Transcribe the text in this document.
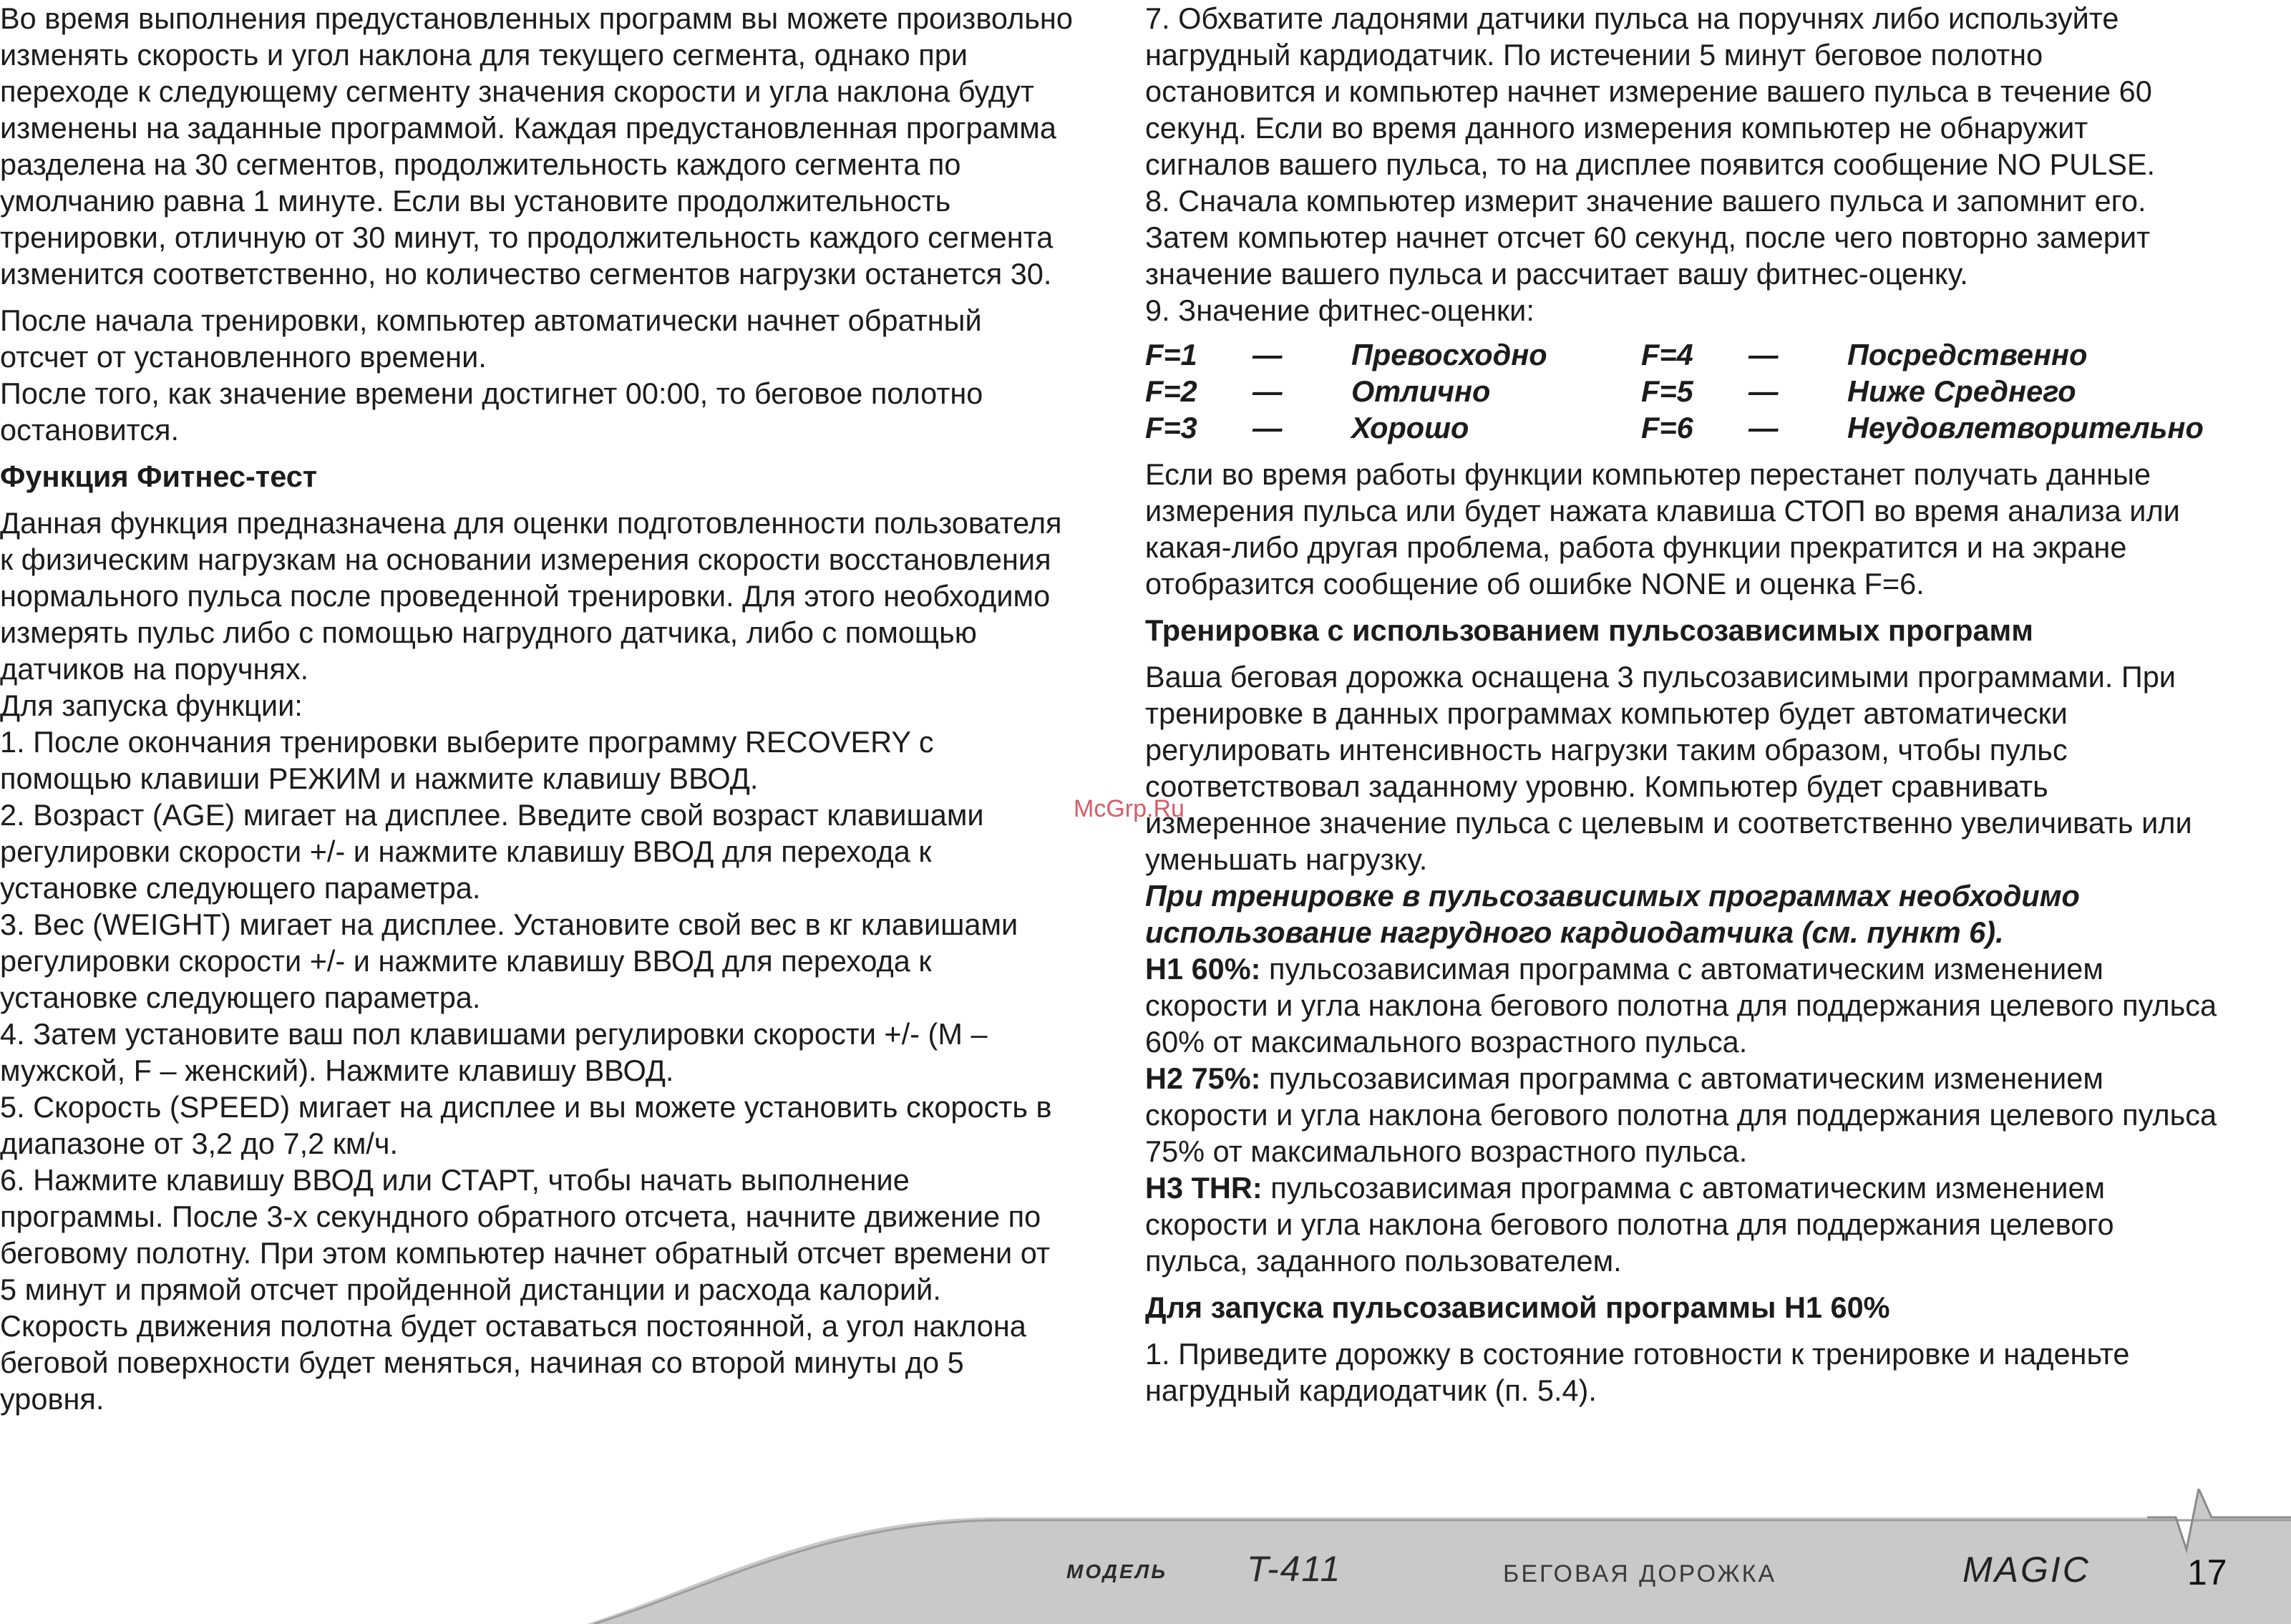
Во время выполнения предустановленных программ вы можете произвольно изменять скорость и угол наклона для текущего сегмента, однако при переходе к следующему сегменту значения скорости и угла наклона будут изменены на заданные программой. Каждая предустановленная программа разделена на 30 сегментов, продолжительность каждого сегмента по умолчанию равна 1 минуте. Если вы установите продолжительность тренировки, отличную от 30 минут, то продолжительность каждого сегмента изменится соответственно, но количество сегментов нагрузки останется 30.

После начала тренировки, компьютер автоматически начнет обратный отсчет от установленного времени.

После того, как значение времени достигнет 00:00, то беговое полотно остановится.

Функция Фитнес-тест

Данная функция предназначена для оценки подготовленности пользователя к физическим нагрузкам на основании измерения скорости восстановления нормального пульса после проведенной тренировки. Для этого необходимо измерять пульс либо с помощью нагрудного датчика, либо с помощью датчиков на поручнях.

Для запуска функции:

1. После окончания тренировки выберите программу RECOVERY с помощью клавиши РЕЖИМ и нажмите клавишу ВВОД.

2. Возраст (AGE) мигает на дисплее. Введите свой возраст клавишами регулировки скорости +/- и нажмите клавишу ВВОД для перехода к установке следующего параметра.

3. Вес (WEIGHT) мигает на дисплее. Установите свой вес в кг клавишами регулировки скорости +/- и нажмите клавишу ВВОД для перехода к установке следующего параметра.

4. Затем установите ваш пол клавишами регулировки скорости +/- (M – мужской, F – женский). Нажмите клавишу ВВОД.

5. Скорость (SPEED) мигает на дисплее и вы можете установить скорость в диапазоне от 3,2 до 7,2 км/ч.

6. Нажмите клавишу ВВОД или СТАРТ, чтобы начать выполнение программы. После 3-х секундного обратного отсчета, начните движение по беговому полотну. При этом компьютер начнет обратный отсчет времени от 5 минут и прямой отсчет пройденной дистанции и расхода калорий. Скорость движения полотна будет оставаться постоянной, а угол наклона беговой поверхности будет меняться, начиная со второй минуты до 5 уровня.

7. Обхватите ладонями датчики пульса на поручнях либо используйте нагрудный кардиодатчик. По истечении 5 минут беговое полотно остановится и компьютер начнет измерение вашего пульса в течение 60 секунд. Если во время данного измерения компьютер не обнаружит сигналов вашего пульса, то на дисплее появится сообщение NO PULSE.

8. Сначала компьютер измерит значение вашего пульса и запомнит его. Затем компьютер начнет отсчет 60 секунд, после чего повторно замерит значение вашего пульса и рассчитает вашу фитнес-оценку.

9. Значение фитнес-оценки:

F=1	—	Превосходно	F=4	—	Посредственно
F=2	—	Отлично	F=5	—	Ниже Среднего
F=3	—	Хорошо	F=6	—	Неудовлетворительно

Если во время работы функции компьютер перестанет получать данные измерения пульса или будет нажата клавиша СТОП во время анализа или какая-либо другая проблема, работа функции прекратится и на экране отобразится сообщение об ошибке NONE и оценка F=6.

Тренировка с использованием пульсозависимых программ

Ваша беговая дорожка оснащена 3 пульсозависимыми программами. При тренировке в данных программах компьютер будет автоматически регулировать интенсивность нагрузки таким образом, чтобы пульс соответствовал заданному уровню. Компьютер будет сравнивать измеренное значение пульса с целевым и соответственно увеличивать или уменьшать нагрузку.

При тренировке в пульсозависимых программах необходимо использование нагрудного кардиодатчика (см. пункт 6).

H1 60%: пульсозависимая программа с автоматическим изменением скорости и угла наклона бегового полотна для поддержания целевого пульса 60% от максимального возрастного пульса.

H2 75%: пульсозависимая программа с автоматическим изменением скорости и угла наклона бегового полотна для поддержания целевого пульса 75% от максимального возрастного пульса.

H3 THR: пульсозависимая программа с автоматическим изменением скорости и угла наклона бегового полотна для поддержания целевого пульса, заданного пользователем.

Для запуска пульсозависимой программы H1 60%

1. Приведите дорожку в состояние готовности к тренировке и наденьте нагрудный кардиодатчик (п. 5.4).

McGrp.Ru
модель T-411	БЕГОВАЯ ДОРОЖКА	MAGIC	17
